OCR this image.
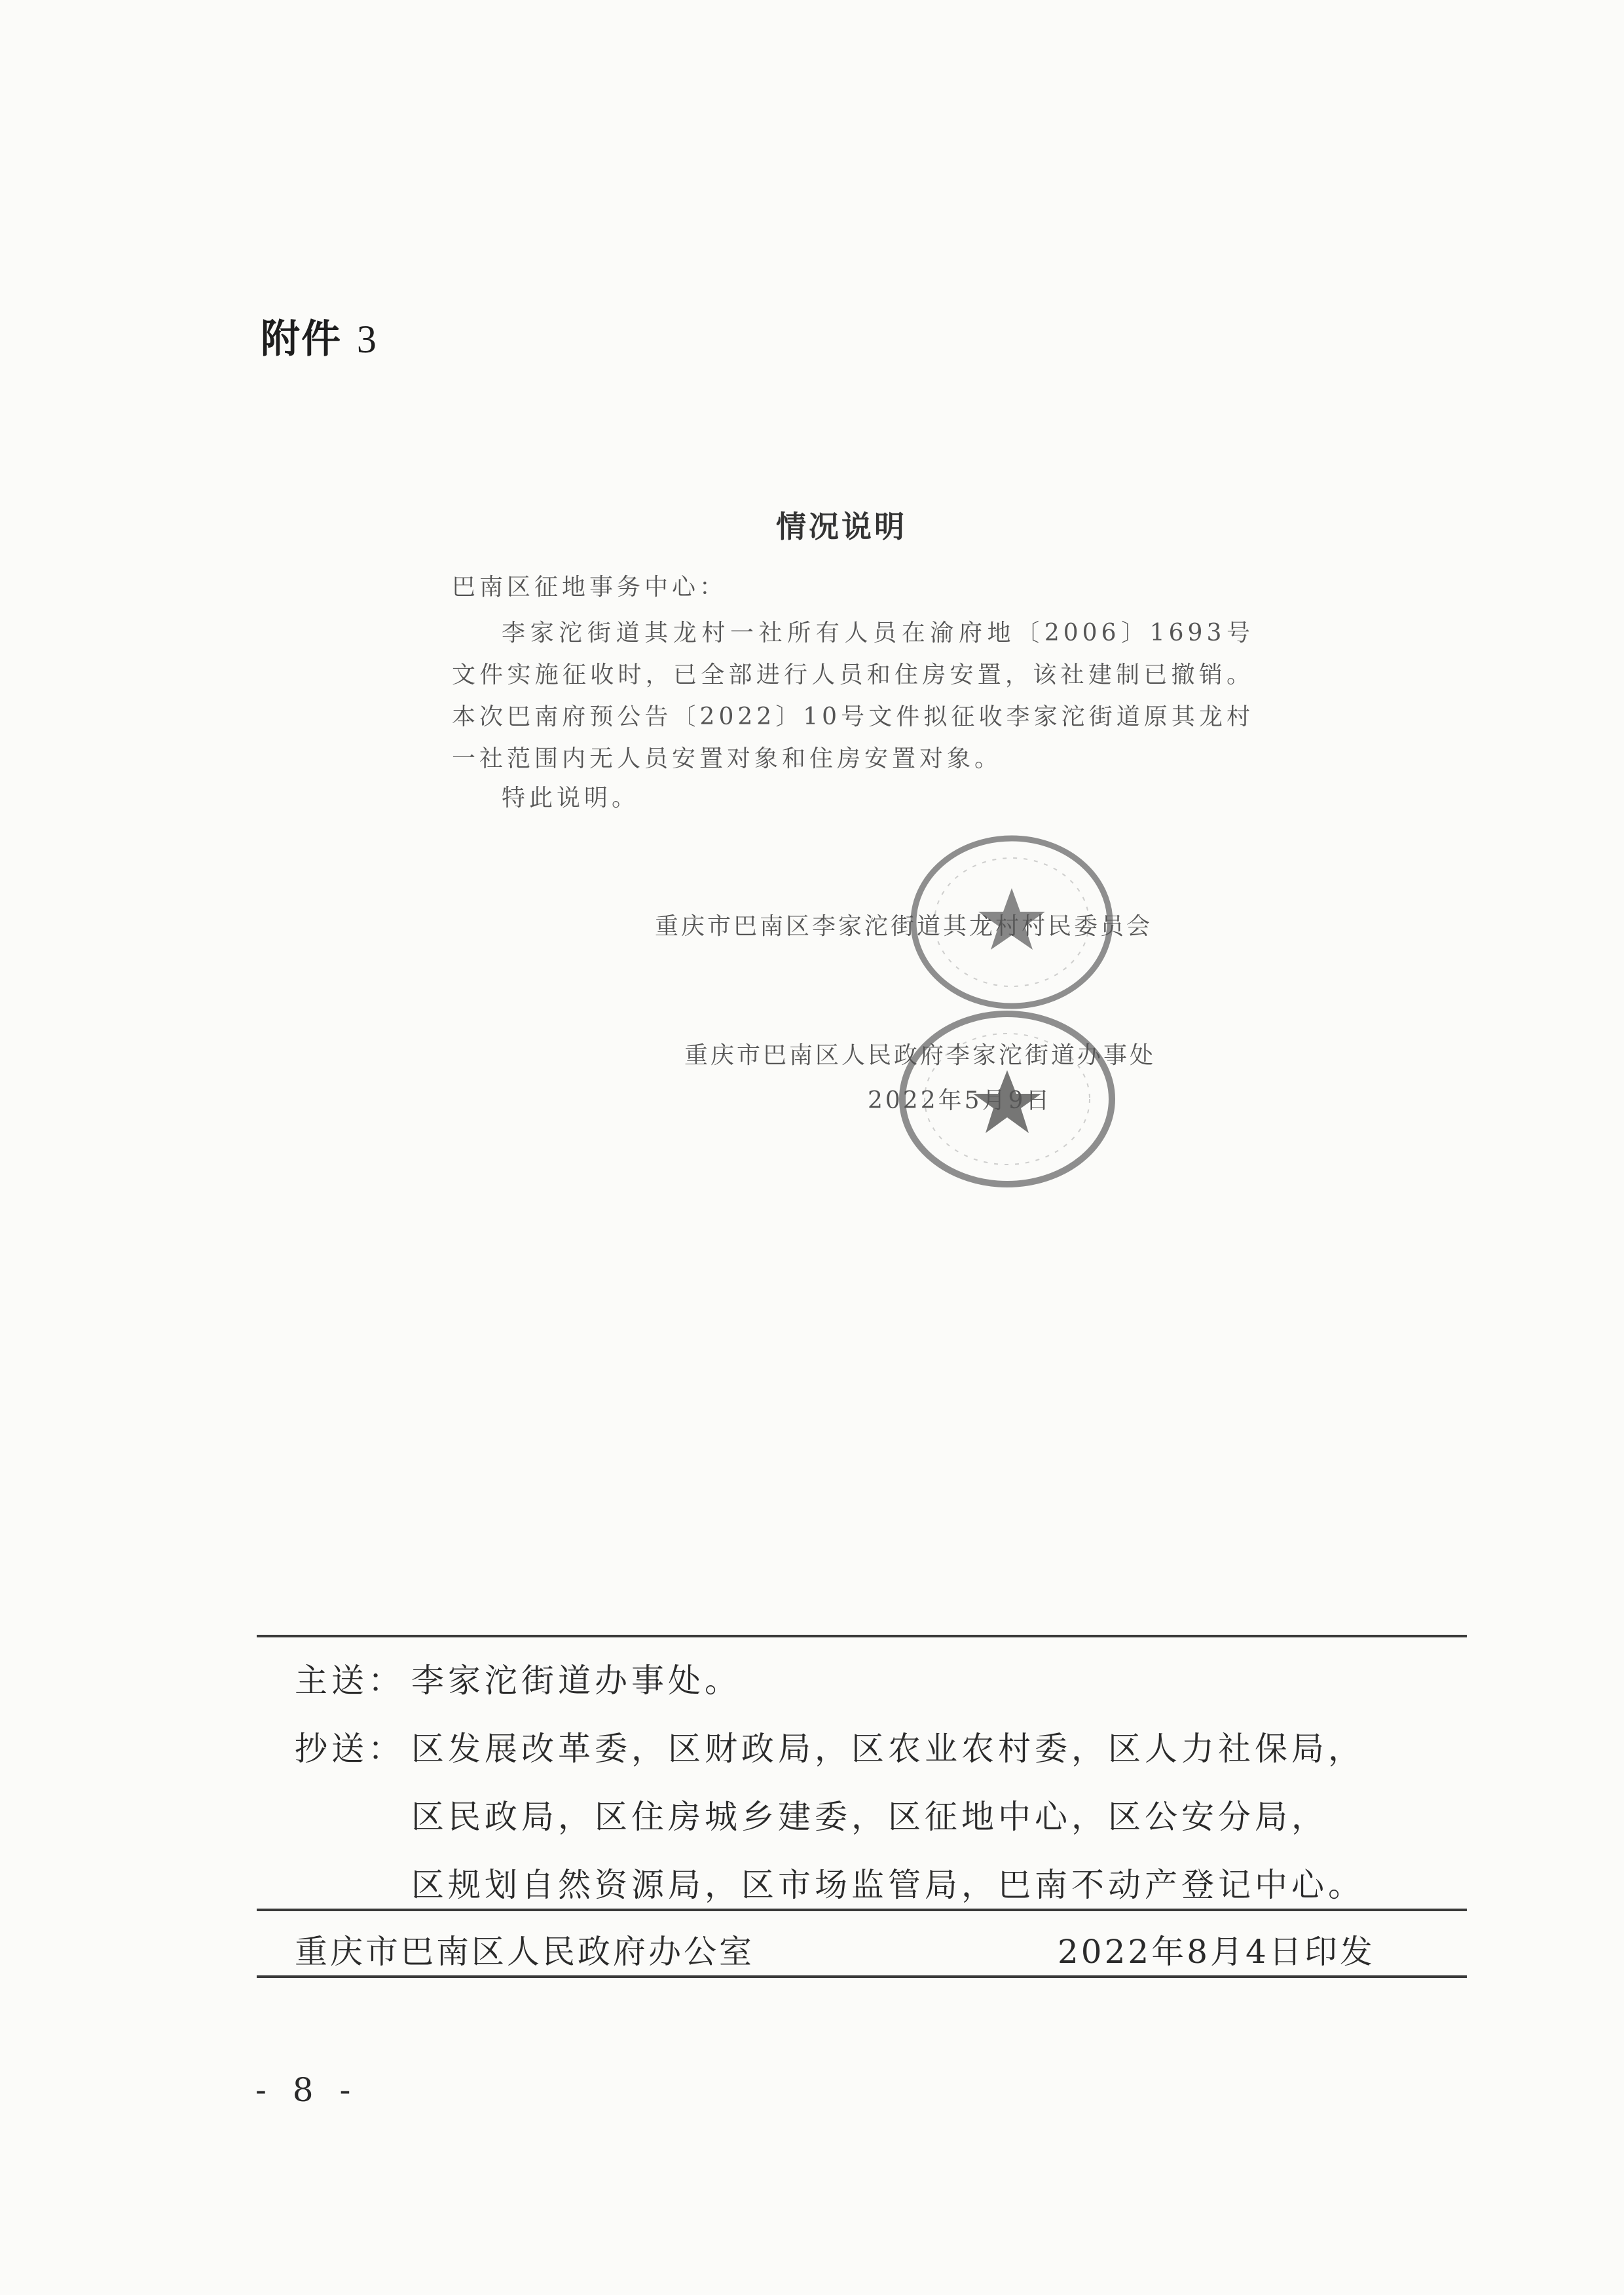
附件 3
情况说明
巴南区征地事务中心：
李家沱街道其龙村一社所有人员在渝府地〔2006〕1693号文件实施征收时，已全部进行人员和住房安置，该社建制已撤销。本次巴南府预公告〔2022〕10号文件拟征收李家沱街道原其龙村一社范围内无人员安置对象和住房安置对象。
特此说明。
重庆市巴南区李家沱街道其龙村村民委员会
重庆市巴南区人民政府李家沱街道办事处
2022年5月9日
主送： 李家沱街道办事处。
抄送： 区发展改革委，区财政局，区农业农村委，区人力社保局，
区民政局，区住房城乡建委，区征地中心，区公安分局，
区规划自然资源局，区市场监管局，巴南不动产登记中心。
重庆市巴南区人民政府办公室	2022年8月4日印发
- 8 -
